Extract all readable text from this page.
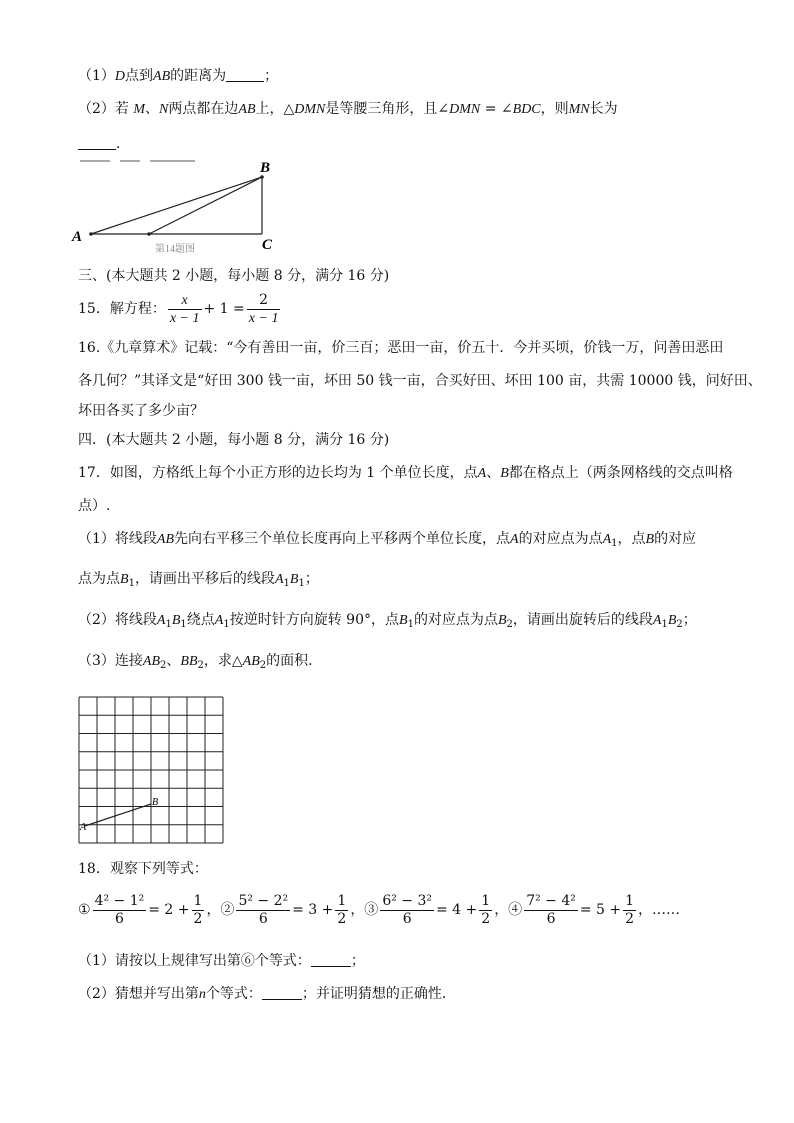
（1）D点到AB的距离为	；
（2）若 M、N两点都在边AB上，△DMN是等腰三角形，且∠DMN = ∠BDC，则MN长为
.
A
B
C
第14题图
三、(本大题共 2 小题，每小题 8 分，满分 16 分)
15．解方程： $\frac{x}{x - 1} + 1 = \frac{2}{x - 1}$
16.《九章算术》记载：“今有善田一亩，价三百；恶田一亩，价五十．今并买顷，价钱一万，问善田恶田
各几何？”其译文是“好田 300 钱一亩，坏田 50 钱一亩，合买好田、坏田 100 亩，共需 10000 钱，问好田、
坏田各买了多少亩？
四．(本大题共 2 小题，每小题 8 分，满分 16 分)
17．如图，方格纸上每个小正方形的边长均为 1 个单位长度，点A、B都在格点上（两条网格线的交点叫格
点）.
（1）将线段AB先向右平移三个单位长度再向上平移两个单位长度，点A的对应点为点$A_1$，点B的对应
点为点$B_1$，请画出平移后的线段$A_1B_1$；
（2）将线段$A_1B_1$绕点$A_1$按逆时针方向旋转 90°，点$B_1$的对应点为点$B_2$，请画出旋转后的线段$A_1B_2$；
（3）连接$AB_2$、$BB_2$，求$\triangle AB_2$的面积．
A
B
18．观察下列等式：
① $\frac{\text{4² − 1²}}{6} = 2 + \frac{1}{2}$ ，② $\frac{\text{5² − 2²}}{6} = 3 + \frac{1}{2}$ ，③ $\frac{\text{6² − 3²}}{6} = 4 + \frac{1}{2}$ ，④ $\frac{\text{7² − 4²}}{6} = 5 + \frac{1}{2}$ ，……
（1）请按以上规律写出第⑥个等式：	；
（2）猜想并写出第n个等式：	；并证明猜想的正确性．
